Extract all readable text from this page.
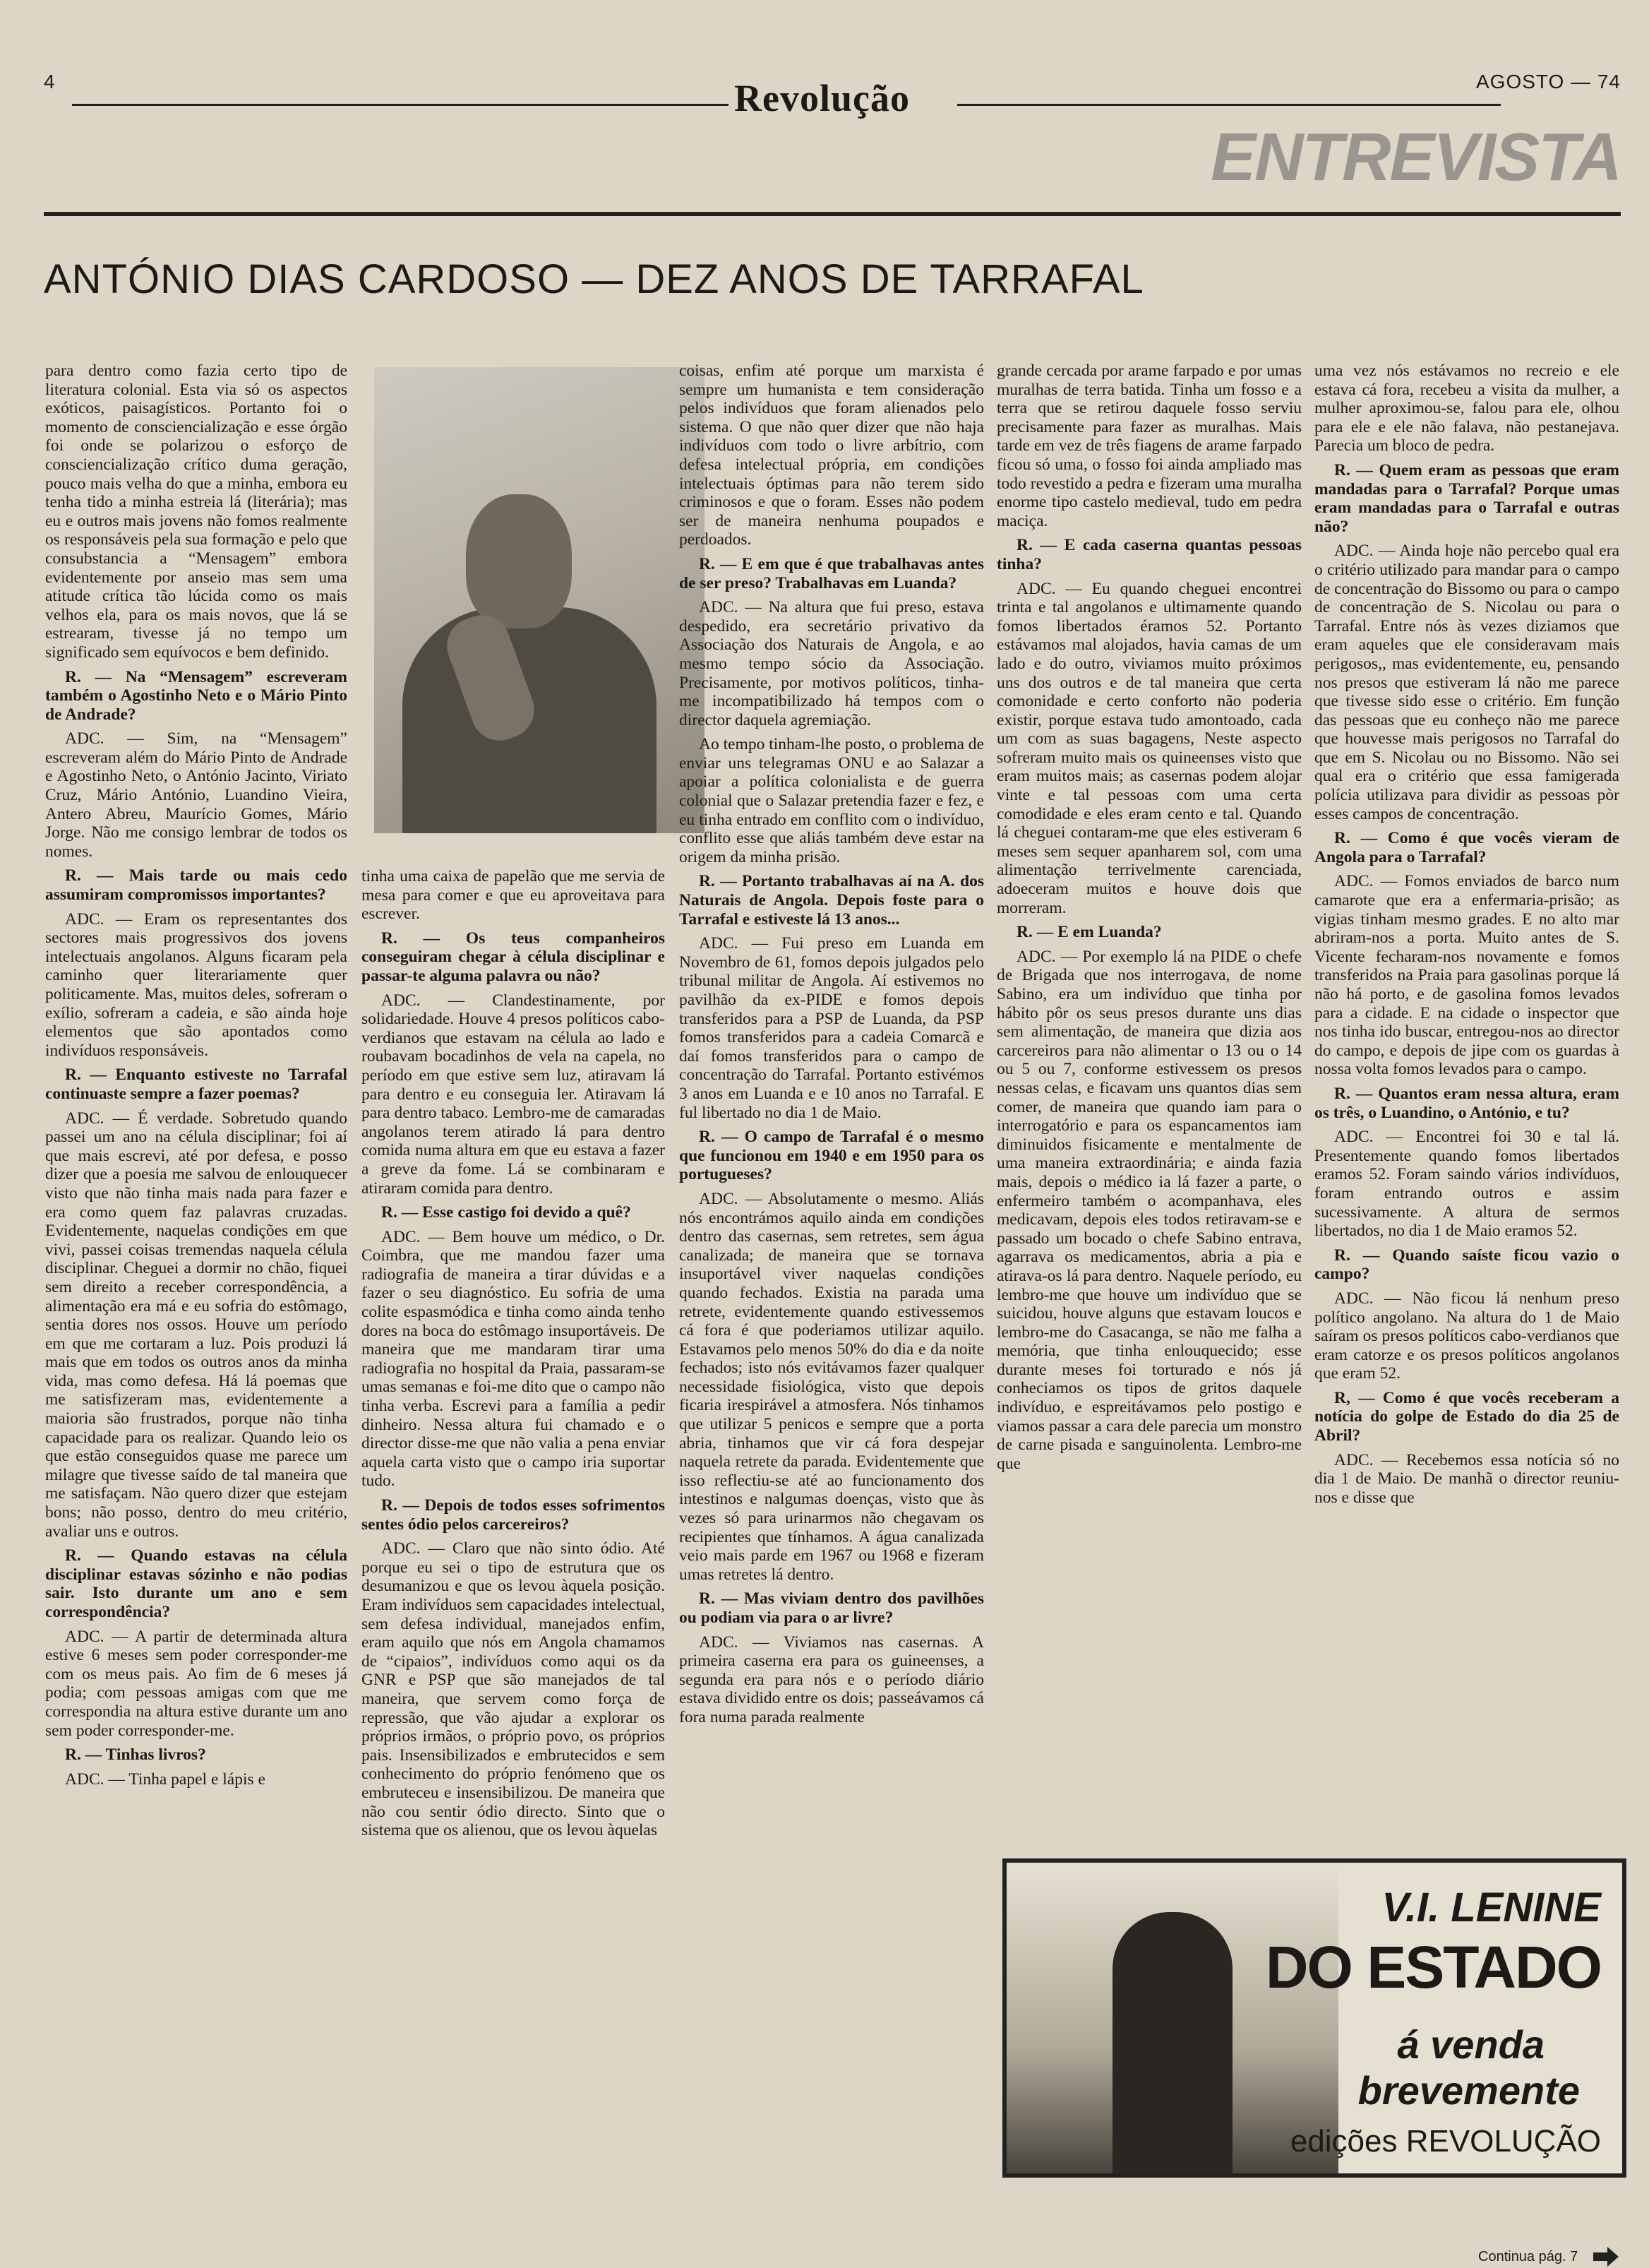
4	Revolução	AGOSTO — 74
ENTREVISTA
ANTÓNIO DIAS CARDOSO — DEZ ANOS DE TARRAFAL

para dentro como fazia certo tipo de literatura colonial. Esta via só os aspectos exóticos, paisagísticos. Portanto foi o momento de consciencialização e esse órgão foi onde se polarizou o esforço de consciencialização crítico duma geração, pouco mais velha do que a minha, embora eu tenha tido a minha estreia lá (literária); mas eu e outros mais jovens não fomos realmente os responsáveis pela sua formação e pelo que consubstancia a “Mensagem” embora evidentemente por anseio mas sem uma atitude crítica tão lúcida como os mais velhos ela, para os mais novos, que lá se estrearam, tivesse já no tempo um significado sem equívocos e bem definido.

R. — Na “Mensagem” escreveram também o Agostinho Neto e o Mário Pinto de Andrade?

ADC. — Sim, na “Mensagem” escreveram além do Mário Pinto de Andrade e Agostinho Neto, o António Jacinto, Viriato Cruz, Mário António, Luandino Vieira, Antero Abreu, Maurício Gomes, Mário Jorge. Não me consigo lembrar de todos os nomes.

R. — Mais tarde ou mais cedo assumiram compromissos importantes?

ADC. — Eram os representantes dos sectores mais progressivos dos jovens intelectuais angolanos. Alguns ficaram pela caminho quer literariamente quer politicamente. Mas, muitos deles, sofreram o exílio, sofreram a cadeia, e são ainda hoje elementos que são apontados como indivíduos responsáveis.

R. — Enquanto estiveste no Tarrafal continuaste sempre a fazer poemas?

ADC. — É verdade. Sobretudo quando passei um ano na célula disciplinar; foi aí que mais escrevi, até por defesa, e posso dizer que a poesia me salvou de enlouquecer visto que não tinha mais nada para fazer e era como quem faz palavras cruzadas. Evidentemente, naquelas condições em que vivi, passei coisas tremendas naquela célula disciplinar. Cheguei a dormir no chão, fiquei sem direito a receber correspondência, a alimentação era má e eu sofria do estômago, sentia dores nos ossos. Houve um período em que me cortaram a luz. Pois produzi lá mais que em todos os outros anos da minha vida, mas como defesa. Há lá poemas que me satisfizeram mas, evidentemente a maioria são frustrados, porque não tinha capacidade para os realizar. Quando leio os que estão conseguidos quase me parece um milagre que tivesse saído de tal maneira que me satisfaçam. Não quero dizer que estejam bons; não posso, dentro do meu critério, avaliar uns e outros.

R. — Quando estavas na célula disciplinar estavas sózinho e não podias sair. Isto durante um ano e sem correspondência?

ADC. — A partir de determinada altura estive 6 meses sem poder corresponder-me com os meus pais. Ao fim de 6 meses já podia; com pessoas amigas com que me correspondia na altura estive durante um ano sem poder corresponder-me.

R. — Tinhas livros?

ADC. — Tinha papel e lápis e

tinha uma caixa de papelão que me servia de mesa para comer e que eu aproveitava para escrever.

R. — Os teus companheiros conseguiram chegar à célula disciplinar e passar-te alguma palavra ou não?

ADC. — Clandestinamente, por solidariedade. Houve 4 presos políticos cabo-verdianos que estavam na célula ao lado e roubavam bocadinhos de vela na capela, no período em que estive sem luz, atiravam lá para dentro e eu conseguia ler. Atiravam lá para dentro tabaco. Lembro-me de camaradas angolanos terem atirado lá para dentro comida numa altura em que eu estava a fazer a greve da fome. Lá se combinaram e atiraram comida para dentro.

R. — Esse castigo foi devido a quê?

ADC. — Bem houve um médico, o Dr. Coimbra, que me mandou fazer uma radiografia de maneira a tirar dúvidas e a fazer o seu diagnóstico. Eu sofria de uma colite espasmódica e tinha como ainda tenho dores na boca do estômago insuportáveis. De maneira que me mandaram tirar uma radiografia no hospital da Praia, passaram-se umas semanas e foi-me dito que o campo não tinha verba. Escrevi para a família a pedir dinheiro. Nessa altura fui chamado e o director disse-me que não valia a pena enviar aquela carta visto que o campo iria suportar tudo.

R. — Depois de todos esses sofrimentos sentes ódio pelos carcereiros?

ADC. — Claro que não sinto ódio. Até porque eu sei o tipo de estrutura que os desumanizou e que os levou àquela posição. Eram indivíduos sem capacidades intelectual, sem defesa individual, manejados enfim, eram aquilo que nós em Angola chamamos de “cipaios”, indivíduos como aqui os da GNR e PSP que são manejados de tal maneira, que servem como força de repressão, que vão ajudar a explorar os próprios irmãos, o próprio povo, os próprios pais. Insensibilizados e embrutecidos e sem conhecimento do próprio fenómeno que os embruteceu e insensibilizou. De maneira que não cou sentir ódio directo. Sinto que o sistema que os alienou, que os levou àquelas

coisas, enfim até porque um marxista é sempre um humanista e tem consideração pelos indivíduos que foram alienados pelo sistema. O que não quer dizer que não haja indivíduos com todo o livre arbítrio, com defesa intelectual própria, em condições intelectuais óptimas para não terem sido criminosos e que o foram. Esses não podem ser de maneira nenhuma poupados e perdoados.

R. — E em que é que trabalhavas antes de ser preso? Trabalhavas em Luanda?

ADC. — Na altura que fui preso, estava despedido, era secretário privativo da Associação dos Naturais de Angola, e ao mesmo tempo sócio da Associação. Precisamente, por motivos políticos, tinha-me incompatibilizado há tempos com o director daquela agremiação.

Ao tempo tinham-lhe posto, o problema de enviar uns telegramas ONU e ao Salazar a apoiar a política colonialista e de guerra colonial que o Salazar pretendia fazer e fez, e eu tinha entrado em conflito com o indivíduo, conflito esse que aliás também deve estar na origem da minha prisão.

R. — Portanto trabalhavas aí na A. dos Naturais de Angola. Depois foste para o Tarrafal e estiveste lá 13 anos...

ADC. — Fui preso em Luanda em Novembro de 61, fomos depois julgados pelo tribunal militar de Angola. Aí estivemos no pavilhão da ex-PIDE e fomos depois transferidos para a PSP de Luanda, da PSP fomos transferidos para a cadeia Comarcã e daí fomos transferidos para o campo de concentração do Tarrafal. Portanto estivémos 3 anos em Luanda e e 10 anos no Tarrafal. E ful libertado no dia 1 de Maio.

R. — O campo de Tarrafal é o mesmo que funcionou em 1940 e em 1950 para os portugueses?

ADC. — Absolutamente o mesmo. Aliás nós encontrámos aquilo ainda em condições dentro das casernas, sem retretes, sem água canalizada; de maneira que se tornava insuportável viver naquelas condições quando fechados. Existia na parada uma retrete, evidentemente quando estivessemos cá fora é que poderiamos utilizar aquilo. Estavamos pelo menos 50% do dia e da noite fechados; isto nós evitávamos fazer qualquer necessidade fisiológica, visto que depois ficaria irespirável a atmosfera. Nós tinhamos que utilizar 5 penicos e sempre que a porta abria, tinhamos que vir cá fora despejar naquela retrete da parada. Evidentemente que isso reflectiu-se até ao funcionamento dos intestinos e nalgumas doenças, visto que às vezes só para urinarmos não chegavam os recipientes que tínhamos. A água canalizada veio mais parde em 1967 ou 1968 e fizeram umas retretes lá dentro.

R. — Mas viviam dentro dos pavilhões ou podiam via para o ar livre?

ADC. — Viviamos nas casernas. A primeira caserna era para os guineenses, a segunda era para nós e o período diário estava dividido entre os dois; passeávamos cá fora numa parada realmente

grande cercada por arame farpado e por umas muralhas de terra batida. Tinha um fosso e a terra que se retirou daquele fosso serviu precisamente para fazer as muralhas. Mais tarde em vez de três fiagens de arame farpado ficou só uma, o fosso foi ainda ampliado mas todo revestido a pedra e fizeram uma muralha enorme tipo castelo medieval, tudo em pedra maciça.

R. — E cada caserna quantas pessoas tinha?

ADC. — Eu quando cheguei encontrei trinta e tal angolanos e ultimamente quando fomos libertados éramos 52. Portanto estávamos mal alojados, havia camas de um lado e do outro, viviamos muito próximos uns dos outros e de tal maneira que certa comonidade e certo conforto não poderia existir, porque estava tudo amontoado, cada um com as suas bagagens, Neste aspecto sofreram muito mais os quineenses visto que eram muitos mais; as casernas podem alojar vinte e tal pessoas com uma certa comodidade e eles eram cento e tal. Quando lá cheguei contaram-me que eles estiveram 6 meses sem sequer apanharem sol, com uma alimentação terrivelmente carenciada, adoeceram muitos e houve dois que morreram.

R. — E em Luanda?

ADC. — Por exemplo lá na PIDE o chefe de Brigada que nos interrogava, de nome Sabino, era um indivíduo que tinha por hábito pôr os seus presos durante uns dias sem alimentação, de maneira que dizia aos carcereiros para não alimentar o 13 ou o 14 ou 5 ou 7, conforme estivessem os presos nessas celas, e ficavam uns quantos dias sem comer, de maneira que quando iam para o interrogatório e para os espancamentos iam diminuidos fisicamente e mentalmente de uma maneira extraordinária; e ainda fazia mais, depois o médico ia lá fazer a parte, o enfermeiro também o acompanhava, eles medicavam, depois eles todos retiravam-se e passado um bocado o chefe Sabino entrava, agarrava os medicamentos, abria a pia e atirava-os lá para dentro. Naquele período, eu lembro-me que houve um indivíduo que se suicidou, houve alguns que estavam loucos e lembro-me do Casacanga, se não me falha a memória, que tinha enlouquecido; esse durante meses foi torturado e nós já conheciamos os tipos de gritos daquele indivíduo, e espreitávamos pelo postigo e viamos passar a cara dele parecia um monstro de carne pisada e sanguinolenta. Lembro-me que

uma vez nós estávamos no recreio e ele estava cá fora, recebeu a visita da mulher, a mulher aproximou-se, falou para ele, olhou para ele e ele não falava, não pestanejava. Parecia um bloco de pedra.

R. — Quem eram as pessoas que eram mandadas para o Tarrafal? Porque umas eram mandadas para o Tarrafal e outras não?

ADC. — Ainda hoje não percebo qual era o critério utilizado para mandar para o campo de concentração do Bissomo ou para o campo de concentração de S. Nicolau ou para o Tarrafal. Entre nós às vezes diziamos que eram aqueles que ele consideravam mais perigosos,, mas evidentemente, eu, pensando nos presos que estiveram lá não me parece que tivesse sido esse o critério. Em função das pessoas que eu conheço não me parece que houvesse mais perigosos no Tarrafal do que em S. Nicolau ou no Bissomo. Não sei qual era o critério que essa famigerada polícia utilizava para dividir as pessoas pòr esses campos de concentração.

R. — Como é que vocês vieram de Angola para o Tarrafal?

ADC. — Fomos enviados de barco num camarote que era a enfermaria-prisão; as vigias tinham mesmo grades. E no alto mar abriram-nos a porta. Muito antes de S. Vicente fecharam-nos novamente e fomos transferidos na Praia para gasolinas porque lá não há porto, e de gasolina fomos levados para a cidade. E na cidade o inspector que nos tinha ido buscar, entregou-nos ao director do campo, e depois de jipe com os guardas à nossa volta fomos levados para o campo.

R. — Quantos eram nessa altura, eram os três, o Luandino, o António, e tu?

ADC. — Encontrei foi 30 e tal lá. Presentemente quando fomos libertados eramos 52. Foram saindo vários indivíduos, foram entrando outros e assim sucessivamente. A altura de sermos libertados, no dia 1 de Maio eramos 52.

R. — Quando saíste ficou vazio o campo?

ADC. — Não ficou lá nenhum preso político angolano. Na altura do 1 de Maio saíram os presos políticos cabo-verdianos que eram catorze e os presos políticos angolanos que eram 52.

R, — Como é que vocês receberam a notícia do golpe de Estado do dia 25 de Abril?

ADC. — Recebemos essa notícia só no dia 1 de Maio. De manhã o director reuniu-nos e disse que

Continua pág. 7
V.I. LENINE
DO ESTADO
á venda
brevemente
edições REVOLUÇÃO
